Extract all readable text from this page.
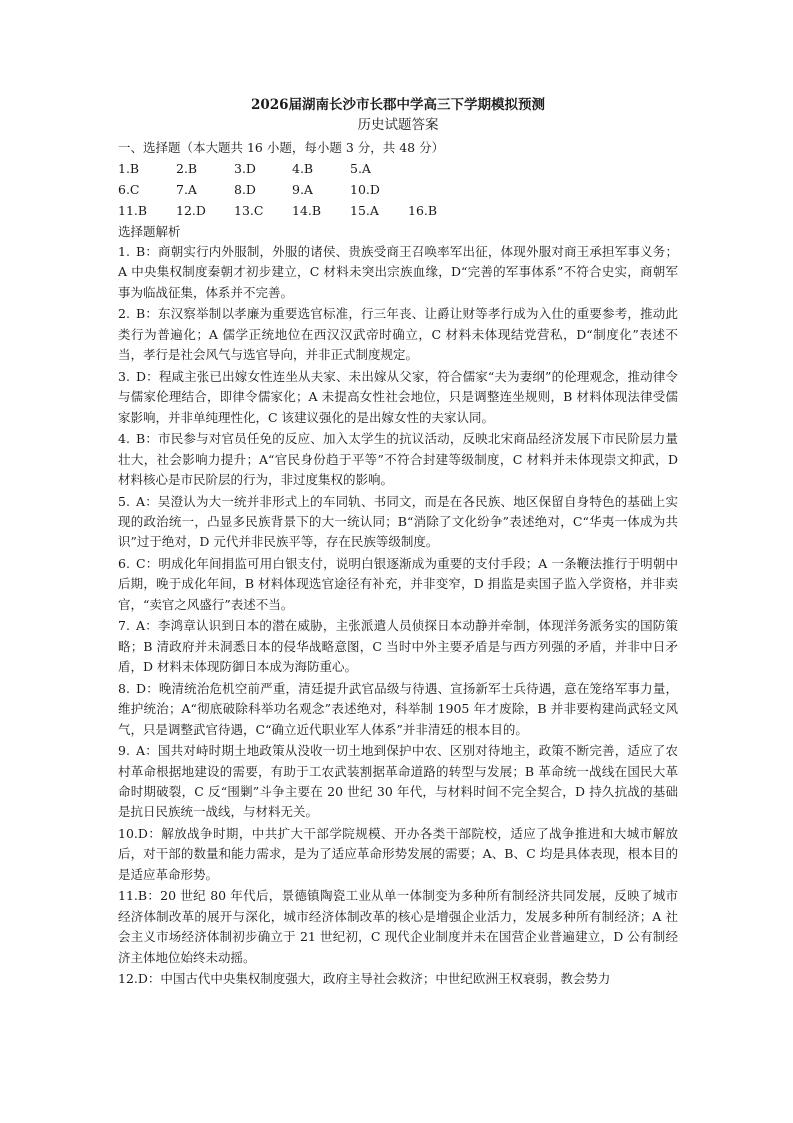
2026届湖南长沙市长郡中学高三下学期模拟预测
历史试题答案
一、选择题（本大题共 16 小题，每小题 3 分，共 48 分）
1.B	2.B	3.D	4.B	5.A
6.C	7.A	8.D	9.A	10.D
11.B	12.D	13.C	14.B	15.A	16.B
选择题解析

1. B：商朝实行内外服制，外服的诸侯、贵族受商王召唤率军出征，体现外服对商王承担军事义务；A 中央集权制度秦朝才初步建立，C 材料未突出宗族血缘，D“完善的军事体系”不符合史实，商朝军事为临战征集，体系并不完善。

2. B：东汉察举制以孝廉为重要选官标准，行三年丧、让爵让财等孝行成为入仕的重要参考，推动此类行为普遍化；A 儒学正统地位在西汉汉武帝时确立，C 材料未体现结党营私，D“制度化”表述不当，孝行是社会风气与选官导向，并非正式制度规定。

3. D：程咸主张已出嫁女性连坐从夫家、未出嫁从父家，符合儒家“夫为妻纲”的伦理观念，推动律令与儒家伦理结合，即律令儒家化；A 未提高女性社会地位，只是调整连坐规则，B 材料体现法律受儒家影响，并非单纯理性化，C 该建议强化的是出嫁女性的夫家认同。

4. B：市民参与对官员任免的反应、加入太学生的抗议活动，反映北宋商品经济发展下市民阶层力量壮大，社会影响力提升；A“官民身份趋于平等”不符合封建等级制度，C 材料并未体现崇文抑武，D 材料核心是市民阶层的行为，非过度集权的影响。

5. A：吴澄认为大一统并非形式上的车同轨、书同文，而是在各民族、地区保留自身特色的基础上实现的政治统一，凸显多民族背景下的大一统认同；B“消除了文化纷争”表述绝对，C“华夷一体成为共识”过于绝对，D 元代并非民族平等，存在民族等级制度。

6. C：明成化年间捐监可用白银支付，说明白银逐渐成为重要的支付手段；A 一条鞭法推行于明朝中后期，晚于成化年间，B 材料体现选官途径有补充，并非变窄，D 捐监是卖国子监入学资格，并非卖官，“卖官之风盛行”表述不当。

7. A：李鸿章认识到日本的潜在威胁，主张派遣人员侦探日本动静并牵制，体现洋务派务实的国防策略；B 清政府并未洞悉日本的侵华战略意图，C 当时中外主要矛盾是与西方列强的矛盾，并非中日矛盾，D 材料未体现防御日本成为海防重心。

8. D：晚清统治危机空前严重，清廷提升武官品级与待遇、宣扬新军士兵待遇，意在笼络军事力量，维护统治；A“彻底破除科举功名观念”表述绝对，科举制 1905 年才废除，B 并非要构建尚武轻文风气，只是调整武官待遇，C“确立近代职业军人体系”并非清廷的根本目的。

9. A：国共对峙时期土地政策从没收一切土地到保护中农、区别对待地主，政策不断完善，适应了农村革命根据地建设的需要，有助于工农武装割据革命道路的转型与发展；B 革命统一战线在国民大革命时期破裂，C 反“围剿”斗争主要在 20 世纪 30 年代，与材料时间不完全契合，D 持久抗战的基础是抗日民族统一战线，与材料无关。

10.D：解放战争时期，中共扩大干部学院规模、开办各类干部院校，适应了战争推进和大城市解放后，对干部的数量和能力需求，是为了适应革命形势发展的需要；A、B、C 均是具体表现，根本目的是适应革命形势。

11.B：20 世纪 80 年代后，景德镇陶瓷工业从单一体制变为多种所有制经济共同发展，反映了城市经济体制改革的展开与深化，城市经济体制改革的核心是增强企业活力，发展多种所有制经济；A 社会主义市场经济体制初步确立于 21 世纪初，C 现代企业制度并未在国营企业普遍建立，D 公有制经济主体地位始终未动摇。

12.D：中国古代中央集权制度强大，政府主导社会救济；中世纪欧洲王权衰弱，教会势力
